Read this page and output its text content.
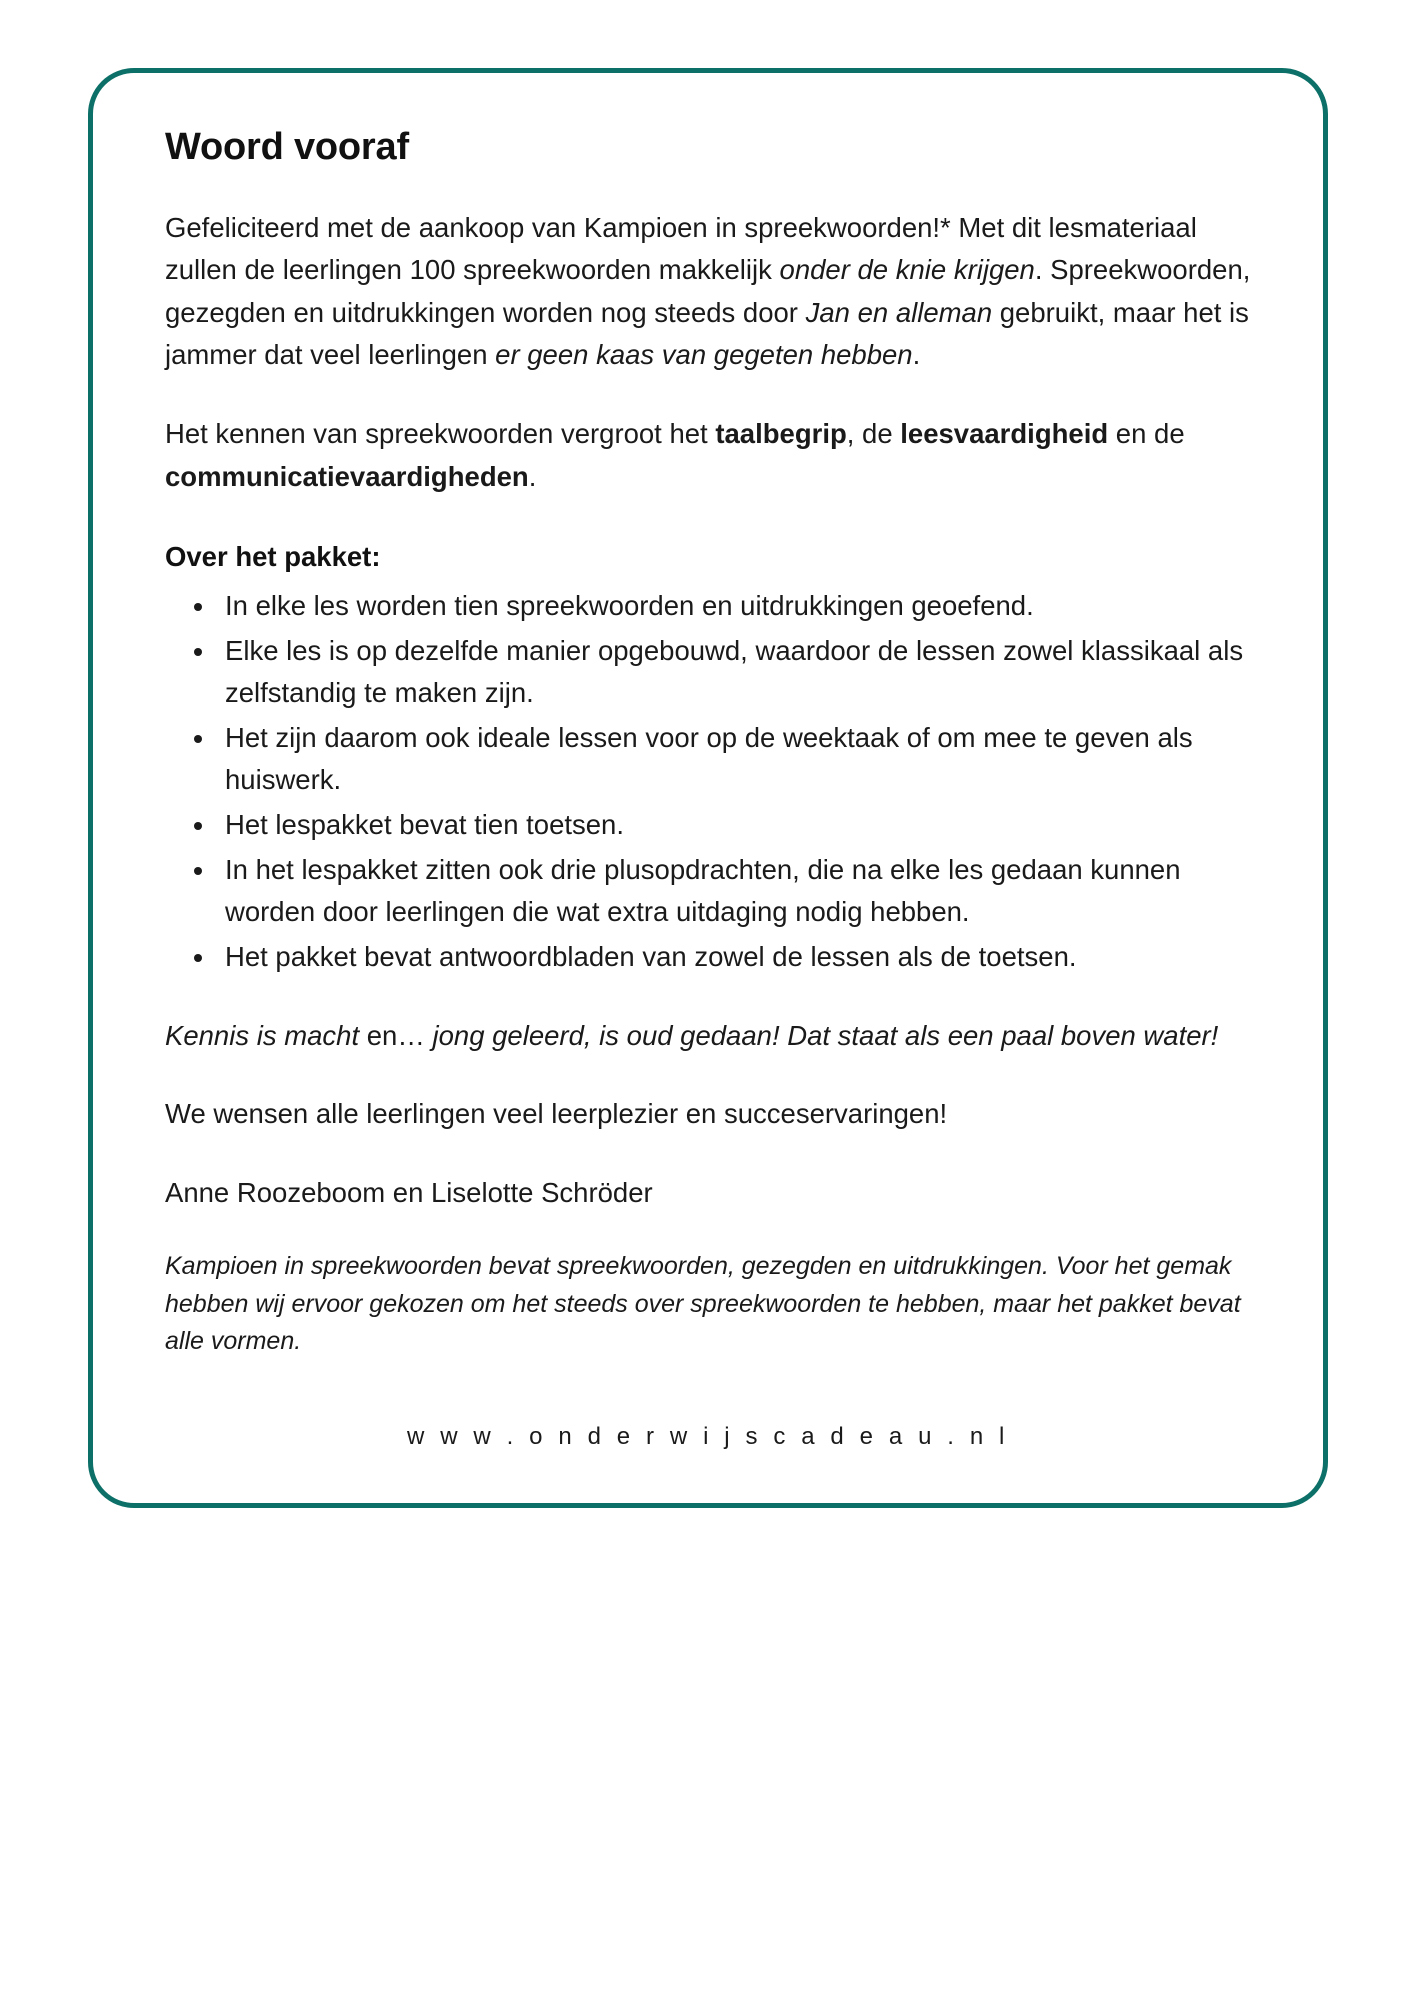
Woord vooraf

Gefeliciteerd met de aankoop van Kampioen in spreekwoorden!* Met dit lesmateriaal zullen de leerlingen 100 spreekwoorden makkelijk onder de knie krijgen. Spreekwoorden, gezegden en uitdrukkingen worden nog steeds door Jan en alleman gebruikt, maar het is jammer dat veel leerlingen er geen kaas van gegeten hebben.

Het kennen van spreekwoorden vergroot het taalbegrip, de leesvaardigheid en de communicatievaardigheden.

Over het pakket:

• In elke les worden tien spreekwoorden en uitdrukkingen geoefend.
• Elke les is op dezelfde manier opgebouwd, waardoor de lessen zowel klassikaal als zelfstandig te maken zijn.
• Het zijn daarom ook ideale lessen voor op de weektaak of om mee te geven als huiswerk.
• Het lespakket bevat tien toetsen.
• In het lespakket zitten ook drie plusopdrachten, die na elke les gedaan kunnen worden door leerlingen die wat extra uitdaging nodig hebben.
• Het pakket bevat antwoordbladen van zowel de lessen als de toetsen.

Kennis is macht en… jong geleerd, is oud gedaan! Dat staat als een paal boven water!

We wensen alle leerlingen veel leerplezier en succeservaringen!

Anne Roozeboom en Liselotte Schröder

Kampioen in spreekwoorden bevat spreekwoorden, gezegden en uitdrukkingen. Voor het gemak hebben wij ervoor gekozen om het steeds over spreekwoorden te hebben, maar het pakket bevat alle vormen.

w w w . o n d e r w i j s c a d e a u . n l
